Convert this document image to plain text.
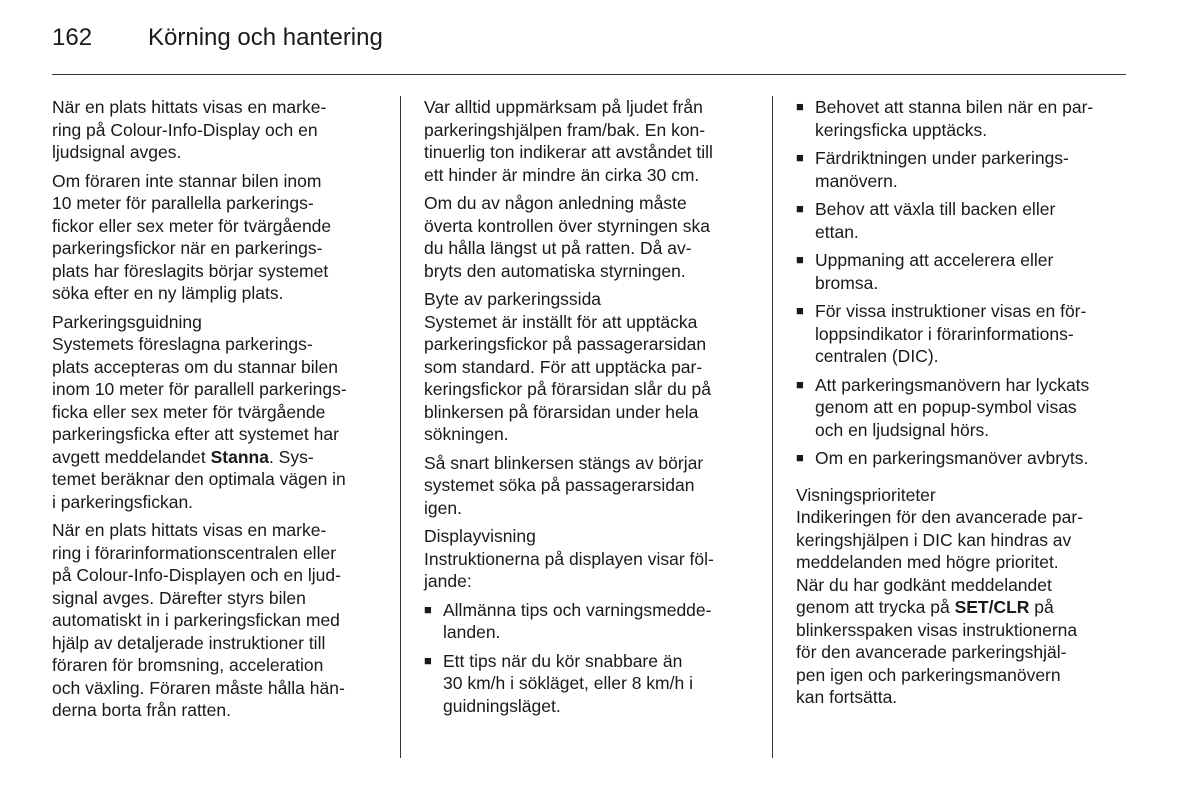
162 Körning och hantering
När en plats hittats visas en marke-
ring på Colour-Info-Display och en
ljudsignal avges.
Om föraren inte stannar bilen inom
10 meter för parallella parkerings-
fickor eller sex meter för tvärgående
parkeringsfickor när en parkerings-
plats har föreslagits börjar systemet
söka efter en ny lämplig plats.
Parkeringsguidning
Systemets föreslagna parkerings-
plats accepteras om du stannar bilen
inom 10 meter för parallell parkerings-
ficka eller sex meter för tvärgående
parkeringsficka efter att systemet har
avgett meddelandet Stanna. Sys-
temet beräknar den optimala vägen in
i parkeringsfickan.
När en plats hittats visas en marke-
ring i förarinformationscentralen eller
på Colour-Info-Displayen och en ljud-
signal avges. Därefter styrs bilen
automatiskt in i parkeringsfickan med
hjälp av detaljerade instruktioner till
föraren för bromsning, acceleration
och växling. Föraren måste hålla hän-
derna borta från ratten.
Var alltid uppmärksam på ljudet från
parkeringshjälpen fram/bak. En kon-
tinuerlig ton indikerar att avståndet till
ett hinder är mindre än cirka 30 cm.
Om du av någon anledning måste
överta kontrollen över styrningen ska
du hålla längst ut på ratten. Då av-
bryts den automatiska styrningen.
Byte av parkeringssida
Systemet är inställt för att upptäcka
parkeringsfickor på passagerarsidan
som standard. För att upptäcka par-
keringsfickor på förarsidan slår du på
blinkersen på förarsidan under hela
sökningen.
Så snart blinkersen stängs av börjar
systemet söka på passagerarsidan
igen.
Displayvisning
Instruktionerna på displayen visar föl-
jande:
■ Allmänna tips och varningsmedde-
landen.
■ Ett tips när du kör snabbare än
30 km/h i sökläget, eller 8 km/h i
guidningsläget.
■ Behovet att stanna bilen när en par-
keringsficka upptäcks.
■ Färdriktningen under parkerings-
manövern.
■ Behov att växla till backen eller
ettan.
■ Uppmaning att accelerera eller
bromsa.
■ För vissa instruktioner visas en för-
loppsindikator i förarinformations-
centralen (DIC).
■ Att parkeringsmanövern har lyckats
genom att en popup-symbol visas
och en ljudsignal hörs.
■ Om en parkeringsmanöver avbryts.
Visningsprioriteter
Indikeringen för den avancerade par-
keringshjälpen i DIC kan hindras av
meddelanden med högre prioritet.
När du har godkänt meddelandet
genom att trycka på SET/CLR på
blinkersspaken visas instruktionerna
för den avancerade parkeringshjäl-
pen igen och parkeringsmanövern
kan fortsätta.
